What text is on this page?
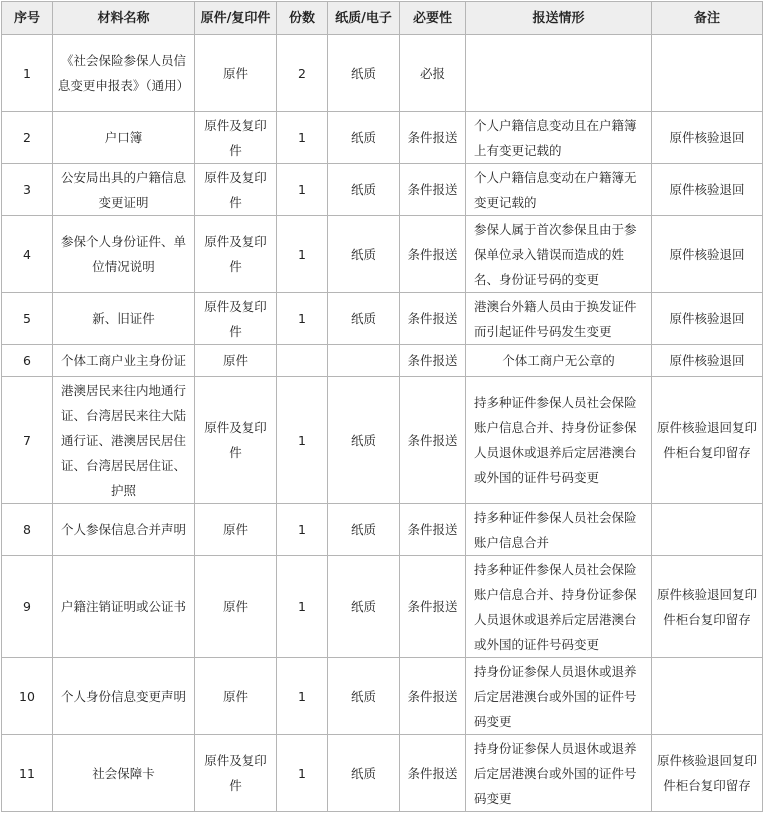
序号	材料名称	原件/复印件	份数	纸质/电子	必要性	报送情形	备注
1	《社会保险参保人员信息变更申报表》（通用）	原件	2	纸质	必报		
2	户口簿	原件及复印件	1	纸质	条件报送	个人户籍信息变动且在户籍簿上有变更记载的	原件核验退回
3	公安局出具的户籍信息变更证明	原件及复印件	1	纸质	条件报送	个人户籍信息变动在户籍簿无变更记载的	原件核验退回
4	参保个人身份证件、单位情况说明	原件及复印件	1	纸质	条件报送	参保人属于首次参保且由于参保单位录入错误而造成的姓名、身份证号码的变更	原件核验退回
5	新、旧证件	原件及复印件	1	纸质	条件报送	港澳台外籍人员由于换发证件而引起证件号码发生变更	原件核验退回
6	个体工商户业主身份证	原件			条件报送	个体工商户无公章的	原件核验退回
7	港澳居民来往内地通行证、台湾居民来往大陆通行证、港澳居民居住证、台湾居民居住证、护照	原件及复印件	1	纸质	条件报送	持多种证件参保人员社会保险账户信息合并、持身份证参保人员退休或退养后定居港澳台或外国的证件号码变更	原件核验退回复印件柜台复印留存
8	个人参保信息合并声明	原件	1	纸质	条件报送	持多种证件参保人员社会保险账户信息合并	
9	户籍注销证明或公证书	原件	1	纸质	条件报送	持多种证件参保人员社会保险账户信息合并、持身份证参保人员退休或退养后定居港澳台或外国的证件号码变更	原件核验退回复印件柜台复印留存
10	个人身份信息变更声明	原件	1	纸质	条件报送	持身份证参保人员退休或退养后定居港澳台或外国的证件号码变更	
11	社会保障卡	原件及复印件	1	纸质	条件报送	持身份证参保人员退休或退养后定居港澳台或外国的证件号码变更	原件核验退回复印件柜台复印留存
